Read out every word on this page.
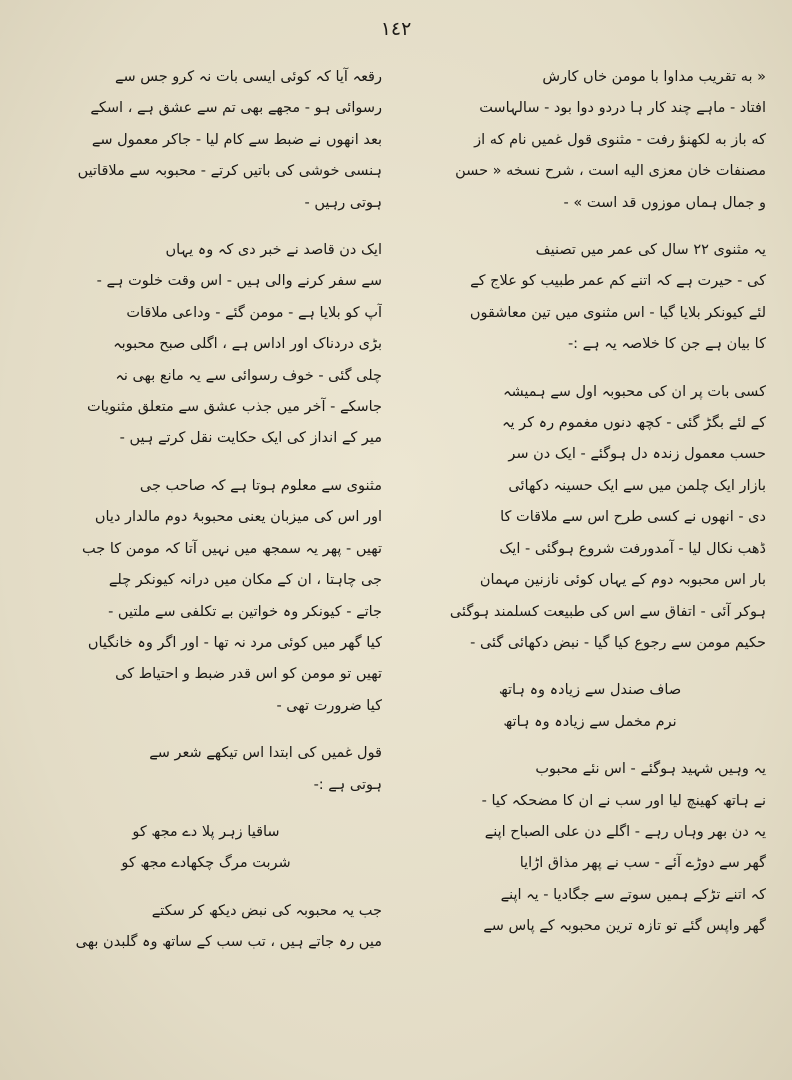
١٤٢
« به تقریب مداوا با مومن خاں کارش
افتاد - ماہے چند کار ہا دردو دوا بود - سالہاست
که باز به لکھنؤ رفت - مثنوی قول غمیں نام که از
مصنفات خان معزی الیه است ، شرح نسخه « حسن
و جمال ہماں موزوں قد است » -
یہ مثنوی ۲۲ سال کی عمر میں تصنیف
کی - حیرت ہے کہ اتنے کم عمر طبیب کو علاج کے
لئے کیونکر بلایا گیا - اس مثنوی میں تین معاشقوں
کا بیان ہے جن کا خلاصہ یہ ہے :-
کسی بات پر ان کی محبوبہ اول سے ہمیشہ
کے لئے بگڑ گئی - کچھ دنوں مغموم رہ کر یہ
حسب معمول زندہ دل ہوگئے - ایک دن سر
بازار ایک چلمن میں سے ایک حسینہ دکھائی
دی - انھوں نے کسی طرح اس سے ملاقات کا
ڈھب نکال لیا - آمدورفت شروع ہوگئی - ایک
بار اس محبوبہ دوم کے یہاں کوئی نازنین مہمان
ہوکر آئی - اتفاق سے اس کی طبیعت کسلمند ہوگئی
حکیم مومن سے رجوع کیا گیا - نبض دکھائی گئی -
صاف صندل سے زیادہ وہ ہاتھ
نرم مخمل سے زیادہ وہ ہاتھ
یہ وہیں شہید ہوگئے - اس نئے محبوب
نے ہاتھ کھینچ لیا اور سب نے ان کا مضحکہ کیا -
یہ دن بھر وہاں رہے - اگلے دن علی الصباح اپنے
گھر سے دوڑے آئے - سب نے پھر مذاق اڑایا
کہ اتنے تڑکے ہمیں سوتے سے جگادیا - یہ اپنے
گھر واپس گئے تو تازہ ترین محبوبہ کے پاس سے
رقعہ آیا کہ کوئی ایسی بات نہ کرو جس سے
رسوائی ہو - مجھے بھی تم سے عشق ہے ، اسکے
بعد انھوں نے ضبط سے کام لیا - جاکر معمول سے
ہنسی خوشی کی باتیں کرتے - محبوبہ سے ملاقاتیں
ہوتی رہیں -
ایک دن قاصد نے خبر دی کہ وہ یہاں
سے سفر کرنے والی ہیں - اس وقت خلوت ہے -
آپ کو بلایا ہے - مومن گئے - وداعی ملاقات
بڑی دردناک اور اداس ہے ، اگلی صبح محبوبہ
چلی گئی - خوف رسوائی سے یہ مانع بھی نہ
جاسکے - آخر میں جذب عشق سے متعلق مثنویات
میر کے انداز کی ایک حکایت نقل کرتے ہیں -
مثنوی سے معلوم ہوتا ہے کہ صاحب جی
اور اس کی میزبان یعنی محبوبۂ دوم مالدار دیاں
تھیں - پھر یہ سمجھ میں نہیں آتا کہ مومن کا جب
جی چاہتا ، ان کے مکان میں درانہ کیونکر چلے
جاتے - کیونکر وہ خواتین بے تکلفی سے ملتیں -
کیا گھر میں کوئی مرد نہ تھا - اور اگر وہ خانگیاں
تھیں تو مومن کو اس قدر ضبط و احتیاط کی
کیا ضرورت تھی -
قول غمیں کی ابتدا اس تیکھے شعر سے
ہوتی ہے :-
ساقیا زہر پلا دے مجھ کو
شربت مرگ چکھادے مجھ کو
جب یہ محبوبہ کی نبض دیکھ کر سکتے
میں رہ جاتے ہیں ، تب سب کے ساتھ وہ گلبدن بھی
